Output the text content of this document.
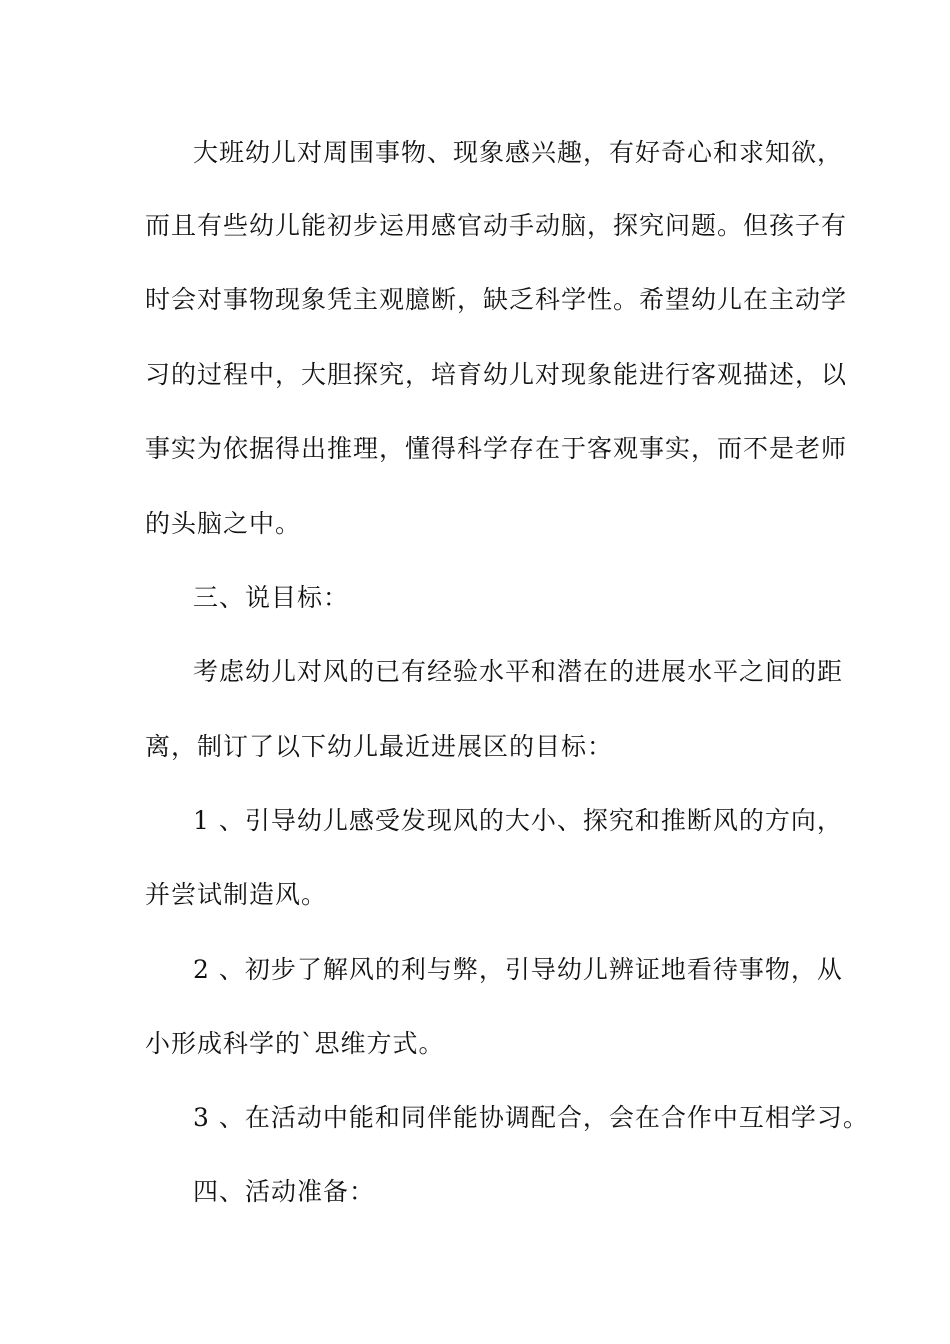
大班幼儿对周围事物、现象感兴趣，有好奇心和求知欲，
而且有些幼儿能初步运用感官动手动脑，探究问题。但孩子有
时会对事物现象凭主观臆断，缺乏科学性。希望幼儿在主动学
习的过程中，大胆探究，培育幼儿对现象能进行客观描述，以
事实为依据得出推理，懂得科学存在于客观事实，而不是老师
的头脑之中。
三、说目标：
考虑幼儿对风的已有经验水平和潜在的进展水平之间的距
离，制订了以下幼儿最近进展区的目标：
1 、引导幼儿感受发现风的大小、探究和推断风的方向，
并尝试制造风。
2 、初步了解风的利与弊，引导幼儿辨证地看待事物，从
小形成科学的`思维方式。
3 、在活动中能和同伴能协调配合，会在合作中互相学习。
四、活动准备：
